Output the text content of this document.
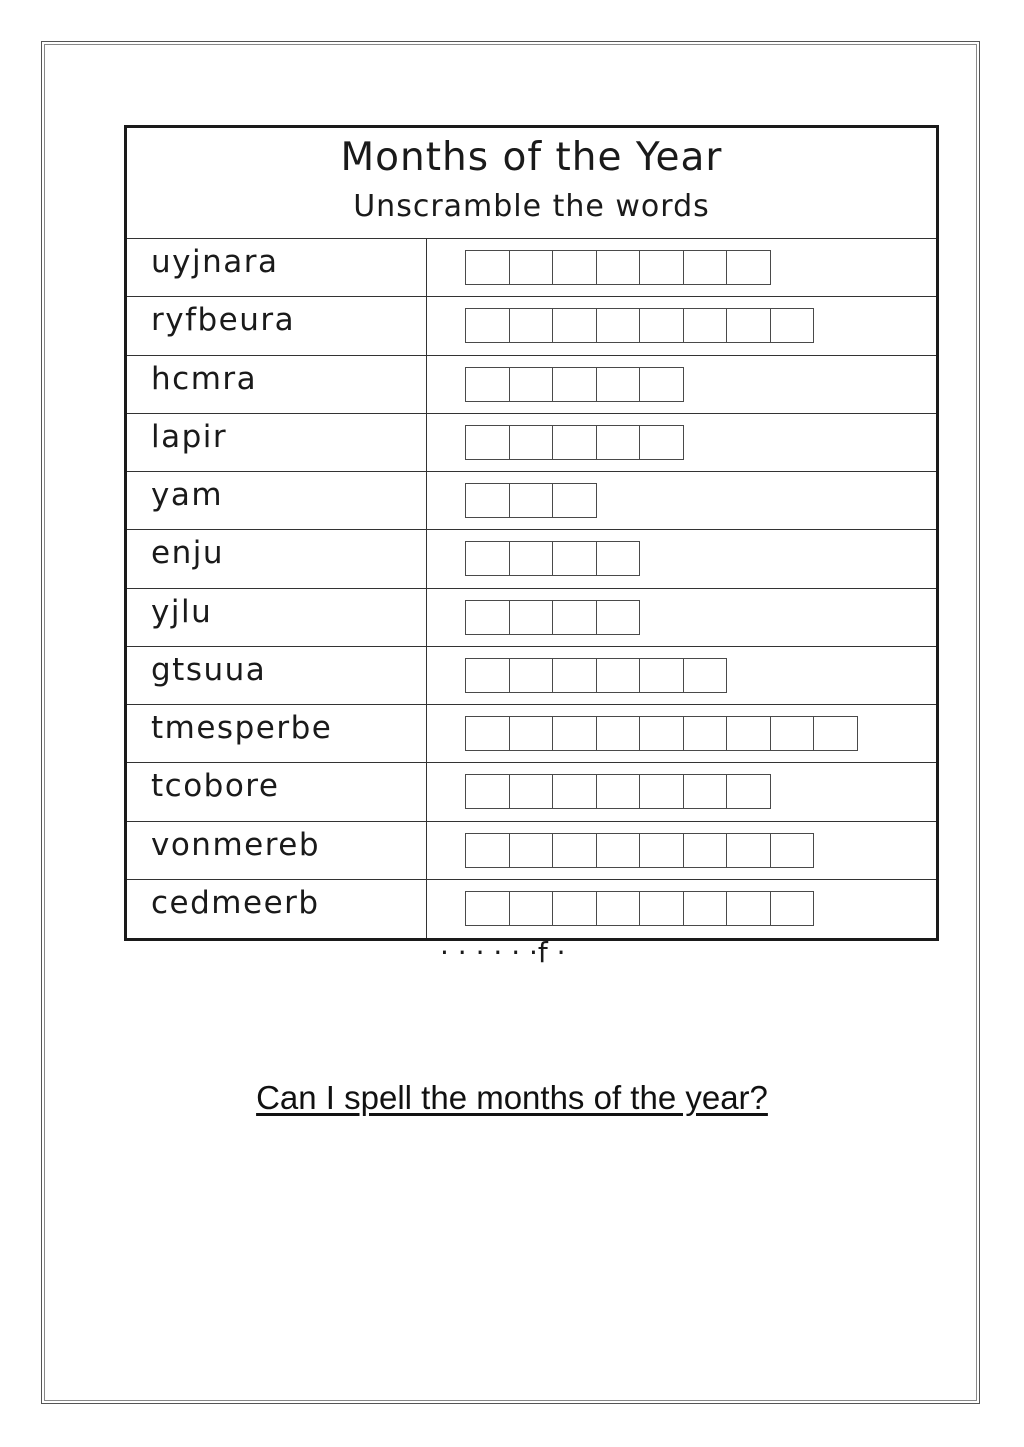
Months of the Year
Unscramble the words
uyjnara
ryfbeura
hcmra
lapir
yam
enju
yjlu
gtsuua
tmesperbe
tcobore
vonmereb
cedmeerb
· · · · · ·f ·
Can I spell the months of the year?
